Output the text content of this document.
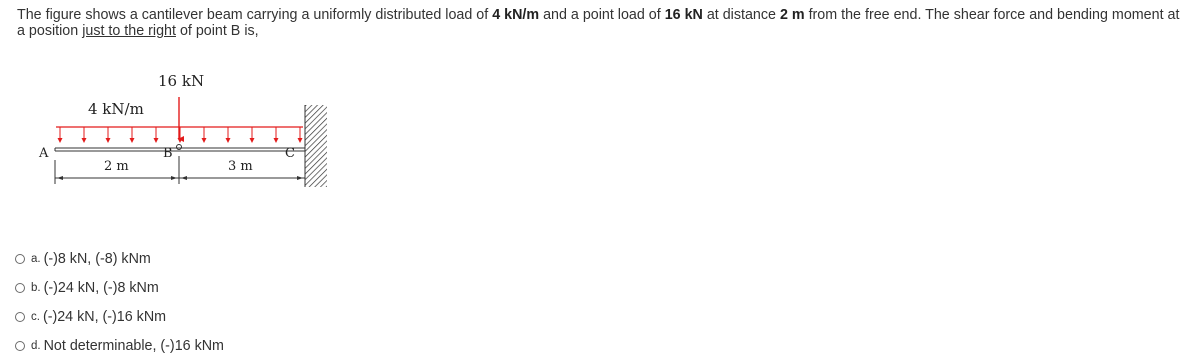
The figure shows a cantilever beam carrying a uniformly distributed load of 4 kN/m and a point load of 16 kN at distance 2 m from the free end. The shear force and bending moment at a position just to the right of point B is,
16 kN
4 kN/m
A	B	C
2 m	3 m
a. (-)8 kN, (-8) kNm
b. (-)24 kN, (-)8 kNm
c. (-)24 kN, (-)16 kNm
d. Not determinable, (-)16 kNm
